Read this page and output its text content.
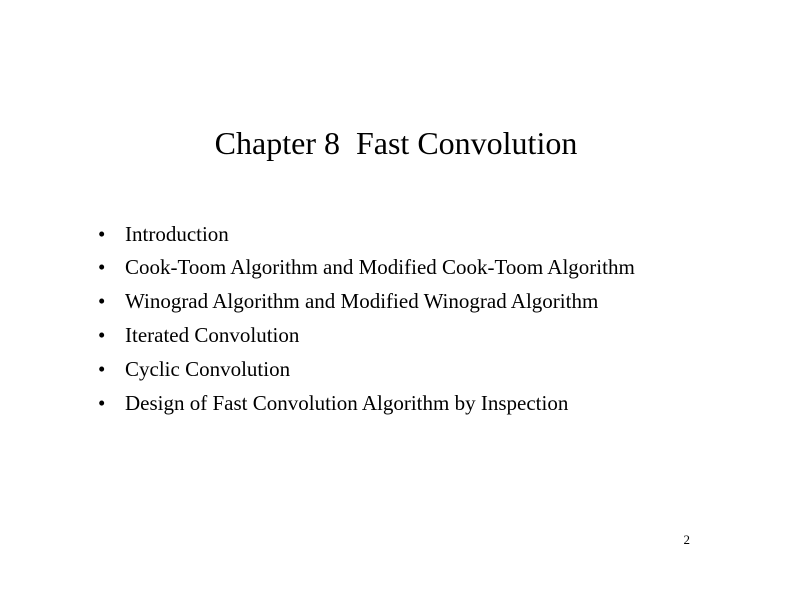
Chapter 8  Fast Convolution
• Introduction
• Cook-Toom Algorithm and Modified Cook-Toom Algorithm
• Winograd Algorithm and Modified Winograd Algorithm
• Iterated Convolution
• Cyclic Convolution
• Design of Fast Convolution Algorithm by Inspection
2
